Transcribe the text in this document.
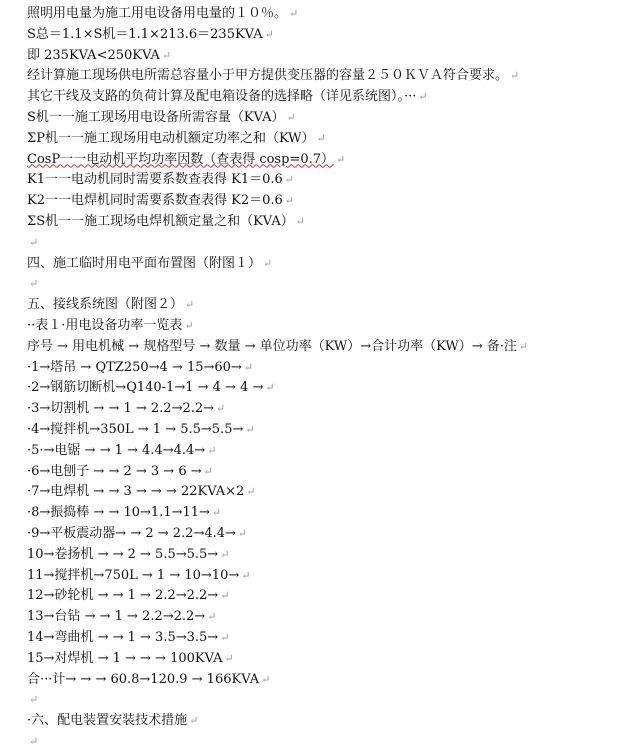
照明用电量为施工用电设备用电量的１０％。 ↵
S总＝1.1×S机＝1.1×213.6＝235KVA ↵
即 235KVA<250KVA ↵
经计算施工现场供电所需总容量小于甲方提供变压器的容量２５０ＫＶＡ符合要求。 ↵
其它干线及支路的负荷计算及配电箱设备的选择略（详见系统图）。··· ↵
S机一一施工现场用电设备所需容量（KVA） ↵
ΣP机一一施工现场用电动机额定功率之和（KW） ↵
CosP一一电动机平均功率因数（查表得 cosp=0.7） ↵
K1一一电动机同时需要系数查表得 K1＝0.6 ↵
K2一一电焊机同时需要系数查表得 K2＝0.6 ↵
ΣS机一一施工现场电焊机额定量之和（KVA） ↵
↵
四、施工临时用电平面布置图（附图１） ↵
↵
五、接线系统图（附图２） ↵
··表１·用电设备功率一览表 ↵
序号 → 用电机械 → 规格型号 → 数量 → 单位功率（KW）→合计功率（KW）→ 备·注 ↵
·1→塔吊 → QTZ250→4 → 15→60→ ↵
·2→钢筋切断机→Q140-1→1 → 4 → 4 → ↵
·3→切割机 → → 1 → 2.2→2.2→ ↵
·4→搅拌机→350L → 1 → 5.5→5.5→ ↵
·5·→电锯 → → 1 → 4.4→4.4→ ↵
·6→电刨子 → → 2 → 3 → 6 → ↵
·7→电焊机 → → 3 → → → 22KVA×2 ↵
·8→振捣棒 → → 10→1.1→11→ ↵
·9→平板震动器→ → 2 → 2.2→4.4→ ↵
10→卷扬机 → → 2 → 5.5→5.5→ ↵
11→搅拌机→750L → 1 → 10→10→ ↵
12→砂轮机 → → 1 → 2.2→2.2→ ↵
13→台钻 → → 1 → 2.2→2.2→ ↵
14→弯曲机 → → 1 → 3.5→3.5→ ↵
15→对焊机 → 1 → → → 100KVA ↵
合···计→ → → 60.8→120.9 → 166KVA ↵
↵
·六、配电装置安装技术措施 ↵
↵
